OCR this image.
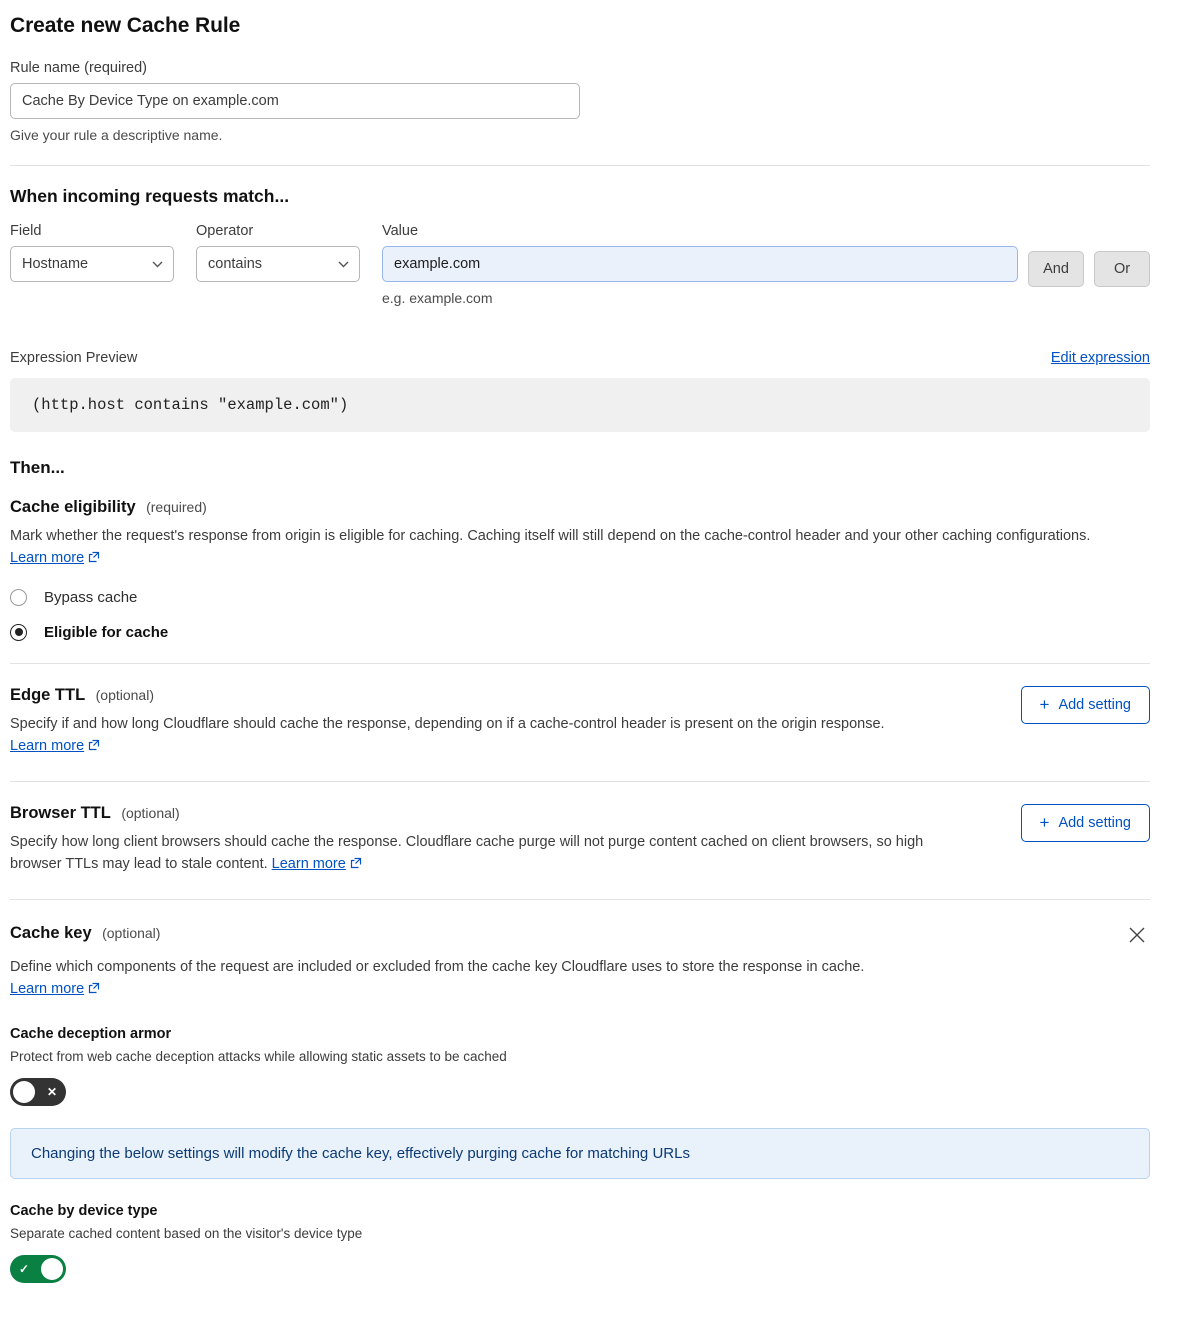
Create new Cache Rule
Rule name (required)
Cache By Device Type on example.com
Give your rule a descriptive name.
When incoming requests match...
Field
Hostname
Operator
contains
Value
example.com
e.g. example.com
And	Or
Expression Preview	Edit expression
(http.host contains "example.com")
Then...
Cache eligibility (required)
Mark whether the request's response from origin is eligible for caching. Caching itself will still depend on the cache-control header and your other caching configurations. Learn more
Bypass cache
Eligible for cache
Edge TTL (optional)
Specify if and how long Cloudflare should cache the response, depending on if a cache-control header is present on the origin response. Learn more
+ Add setting
Browser TTL (optional)
Specify how long client browsers should cache the response. Cloudflare cache purge will not purge content cached on client browsers, so high browser TTLs may lead to stale content. Learn more
+ Add setting
Cache key (optional)
Define which components of the request are included or excluded from the cache key Cloudflare uses to store the response in cache.
Learn more
Cache deception armor
Protect from web cache deception attacks while allowing static assets to be cached
✕
Changing the below settings will modify the cache key, effectively purging cache for matching URLs
Cache by device type
Separate cached content based on the visitor's device type
✓
